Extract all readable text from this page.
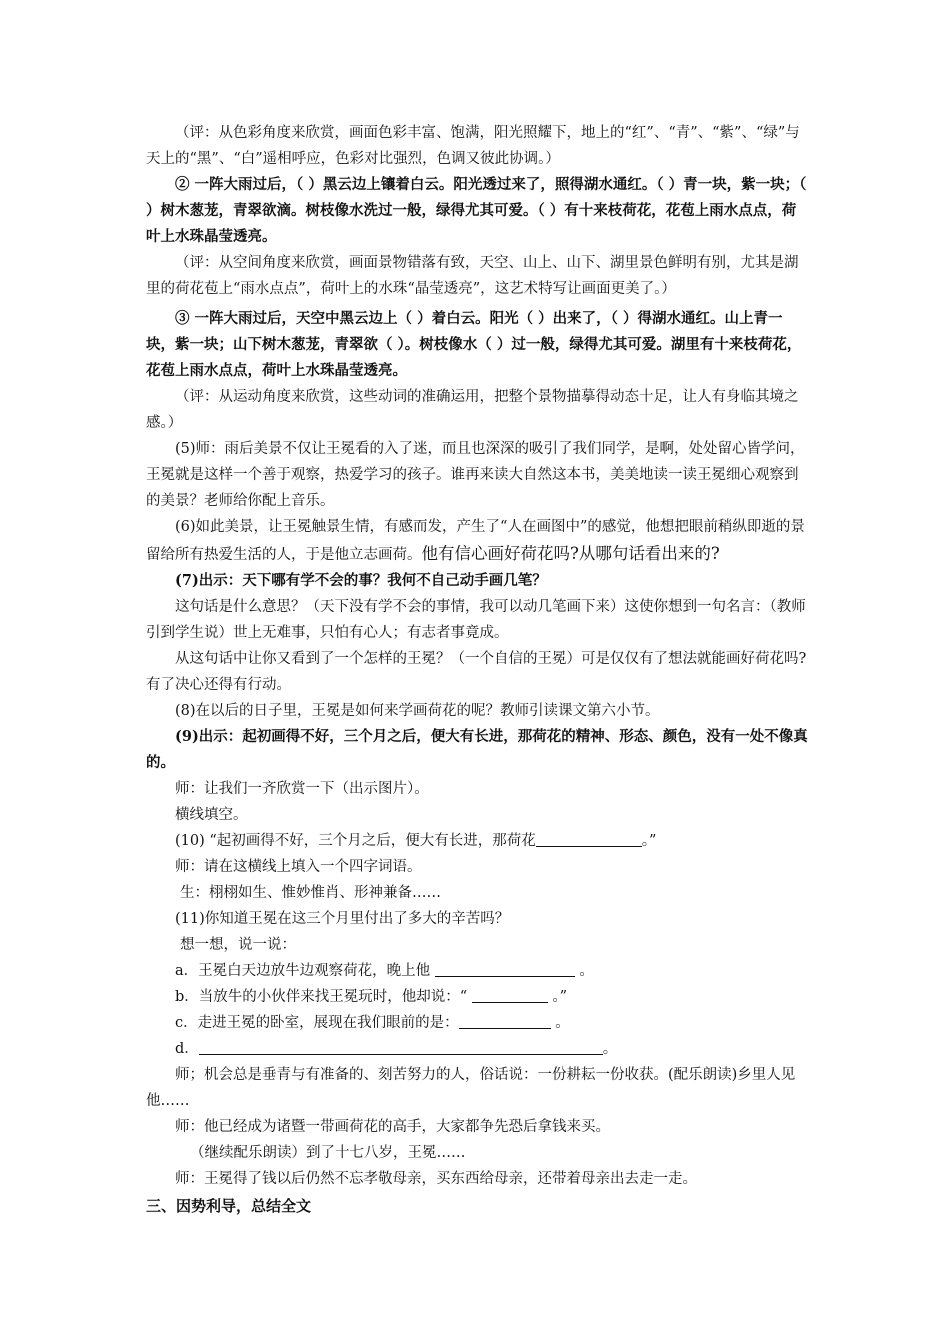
（评：从色彩角度来欣赏，画面色彩丰富、饱满，阳光照耀下，地上的“红”、“青”、“紫”、“绿”与天上的“黑”、“白”遥相呼应，色彩对比强烈，色调又彼此协调。）

② 一阵大雨过后，（ ）黑云边上镶着白云。阳光透过来了，照得湖水通红。（ ）青一块，紫一块；（ ）树木葱茏，青翠欲滴。树枝像水洗过一般，绿得尤其可爱。（ ）有十来枝荷花，花苞上雨水点点，荷叶上水珠晶莹透亮。

（评：从空间角度来欣赏，画面景物错落有致，天空、山上、山下、湖里景色鲜明有别，尤其是湖里的荷花苞上“雨水点点”，荷叶上的水珠“晶莹透亮”，这艺术特写让画面更美了。）

③ 一阵大雨过后，天空中黑云边上（ ）着白云。阳光（ ）出来了，（ ）得湖水通红。山上青一块，紫一块；山下树木葱茏，青翠欲（ ）。树枝像水（ ）过一般，绿得尤其可爱。湖里有十来枝荷花，花苞上雨水点点，荷叶上水珠晶莹透亮。

（评：从运动角度来欣赏，这些动词的准确运用，把整个景物描摹得动态十足，让人有身临其境之感。）

(5)师：雨后美景不仅让王冕看的入了迷，而且也深深的吸引了我们同学，是啊，处处留心皆学问，王冕就是这样一个善于观察，热爱学习的孩子。谁再来读大自然这本书，美美地读一读王冕细心观察到的美景？老师给你配上音乐。

(6)如此美景，让王冕触景生情，有感而发，产生了“人在画图中”的感觉，他想把眼前稍纵即逝的景留给所有热爱生活的人，于是他立志画荷。他有信心画好荷花吗?从哪句话看出来的?

(7)出示：天下哪有学不会的事？我何不自己动手画几笔？

这句话是什么意思？（天下没有学不会的事情，我可以动几笔画下来）这使你想到一句名言：（教师引到学生说）世上无难事，只怕有心人；有志者事竟成。

从这句话中让你又看到了一个怎样的王冕？（一个自信的王冕）可是仅仅有了想法就能画好荷花吗?有了决心还得有行动。

(8)在以后的日子里，王冕是如何来学画荷花的呢？教师引读课文第六小节。

(9)出示：起初画得不好，三个月之后，便大有长进，那荷花的精神、形态、颜色，没有一处不像真的。

师：让我们一齐欣赏一下（出示图片）。

横线填空。

(10) “起初画得不好，三个月之后，便大有长进，那荷花	。”

师：请在这横线上填入一个四字词语。

生：栩栩如生、惟妙惟肖、形神兼备……

(11)你知道王冕在这三个月里付出了多大的辛苦吗？

想一想，说一说：

a．王冕白天边放牛边观察荷花，晚上他	。

b．当放牛的小伙伴来找王冕玩时，他却说：“	。”

c．走进王冕的卧室，展现在我们眼前的是：	。

d．	。

师；机会总是垂青与有准备的、刻苦努力的人，俗话说：一份耕耘一份收获。(配乐朗读)乡里人见他……

师：他已经成为诸暨一带画荷花的高手，大家都争先恐后拿钱来买。

（继续配乐朗读）到了十七八岁，王冕……

师：王冕得了钱以后仍然不忘孝敬母亲，买东西给母亲，还带着母亲出去走一走。

三、因势利导，总结全文
